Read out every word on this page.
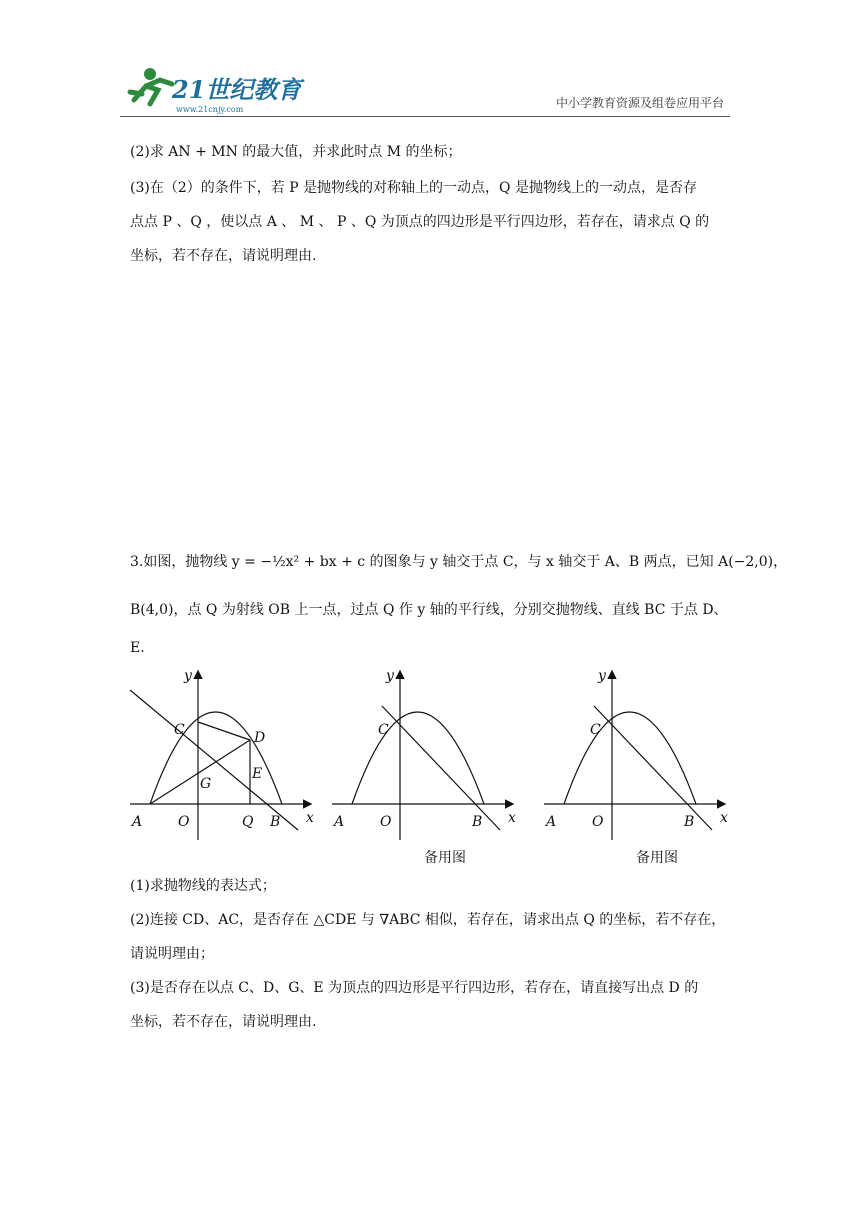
21世纪教育
www.21cnjy.com	中小学教育资源及组卷应用平台
(2)求 AN + MN 的最大值，并求此时点 M 的坐标；
(3)在（2）的条件下，若 P 是抛物线的对称轴上的一动点，Q 是抛物线上的一动点，是否存
点点 P 、Q ，使以点 A 、 M 、 P 、Q 为顶点的四边形是平行四边形，若存在，请求点 Q 的
坐标，若不存在，请说明理由.
3.如图，抛物线 y = −½x² + bx + c 的图象与 y 轴交于点 C，与 x 轴交于 A、B 两点，已知 A(−2,0)，
B(4,0)，点 Q 为射线 OB 上一点，过点 Q 作 y 轴的平行线，分别交抛物线、直线 BC 于点 D、
E.
y
x
O
A	B
C	D
E
G
Q
y
x
O
A	B
C
备用图
y
x
O
A	B
C
备用图
(1)求抛物线的表达式；
(2)连接 CD、AC，是否存在 △CDE 与 ∇ABC 相似，若存在，请求出点 Q 的坐标，若不存在，
请说明理由；
(3)是否存在以点 C、D、G、E 为顶点的四边形是平行四边形，若存在，请直接写出点 D 的
坐标，若不存在，请说明理由.
